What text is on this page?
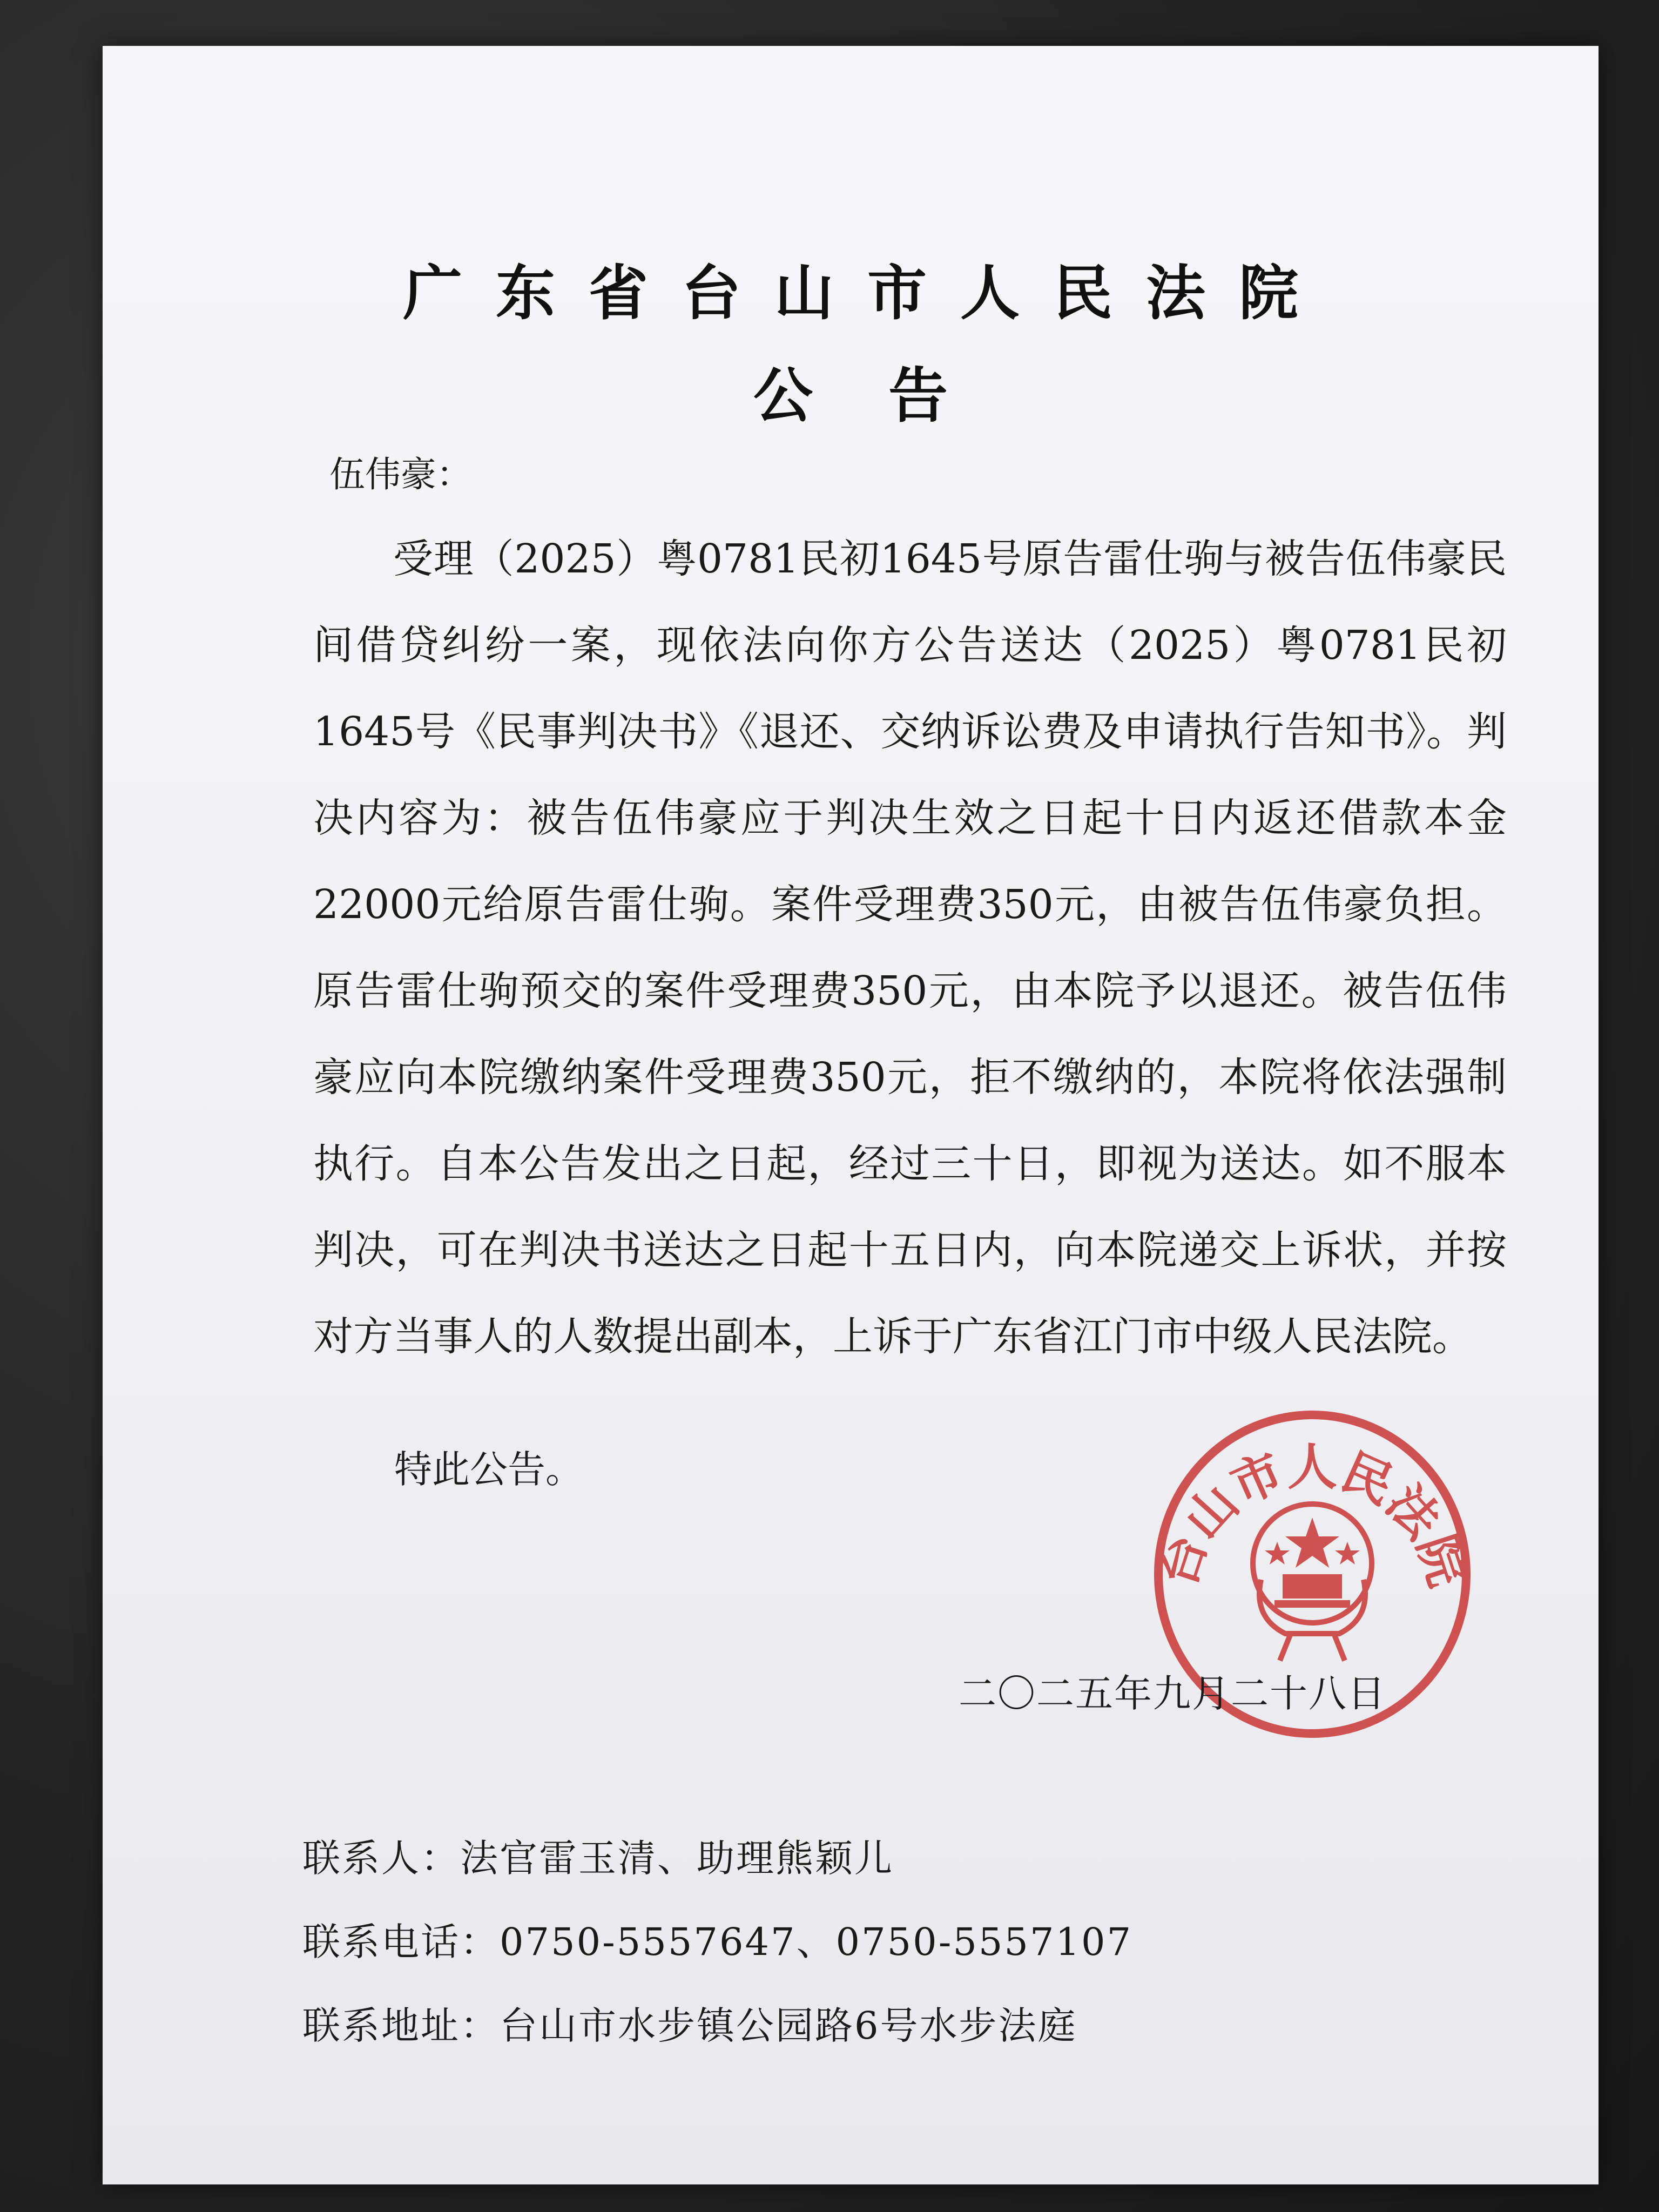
广东省台山市人民法院
公告
伍伟豪：

受理（2025）粤0781民初1645号原告雷仕驹与被告伍伟豪民间借贷纠纷一案，现依法向你方公告送达（2025）粤0781民初1645号《民事判决书》《退还、交纳诉讼费及申请执行告知书》。判决内容为：被告伍伟豪应于判决生效之日起十日内返还借款本金22000元给原告雷仕驹。案件受理费350元，由被告伍伟豪负担。原告雷仕驹预交的案件受理费350元，由本院予以退还。被告伍伟豪应向本院缴纳案件受理费350元，拒不缴纳的，本院将依法强制执行。自本公告发出之日起，经过三十日，即视为送达。如不服本判决，可在判决书送达之日起十五日内，向本院递交上诉状，并按对方当事人的人数提出副本，上诉于广东省江门市中级人民法院。

特此公告。
台山市人民法院
二〇二五年九月二十八日
联系人：法官雷玉清、助理熊颖儿
联系电话：0750-5557647、0750-5557107
联系地址：台山市水步镇公园路6号水步法庭
